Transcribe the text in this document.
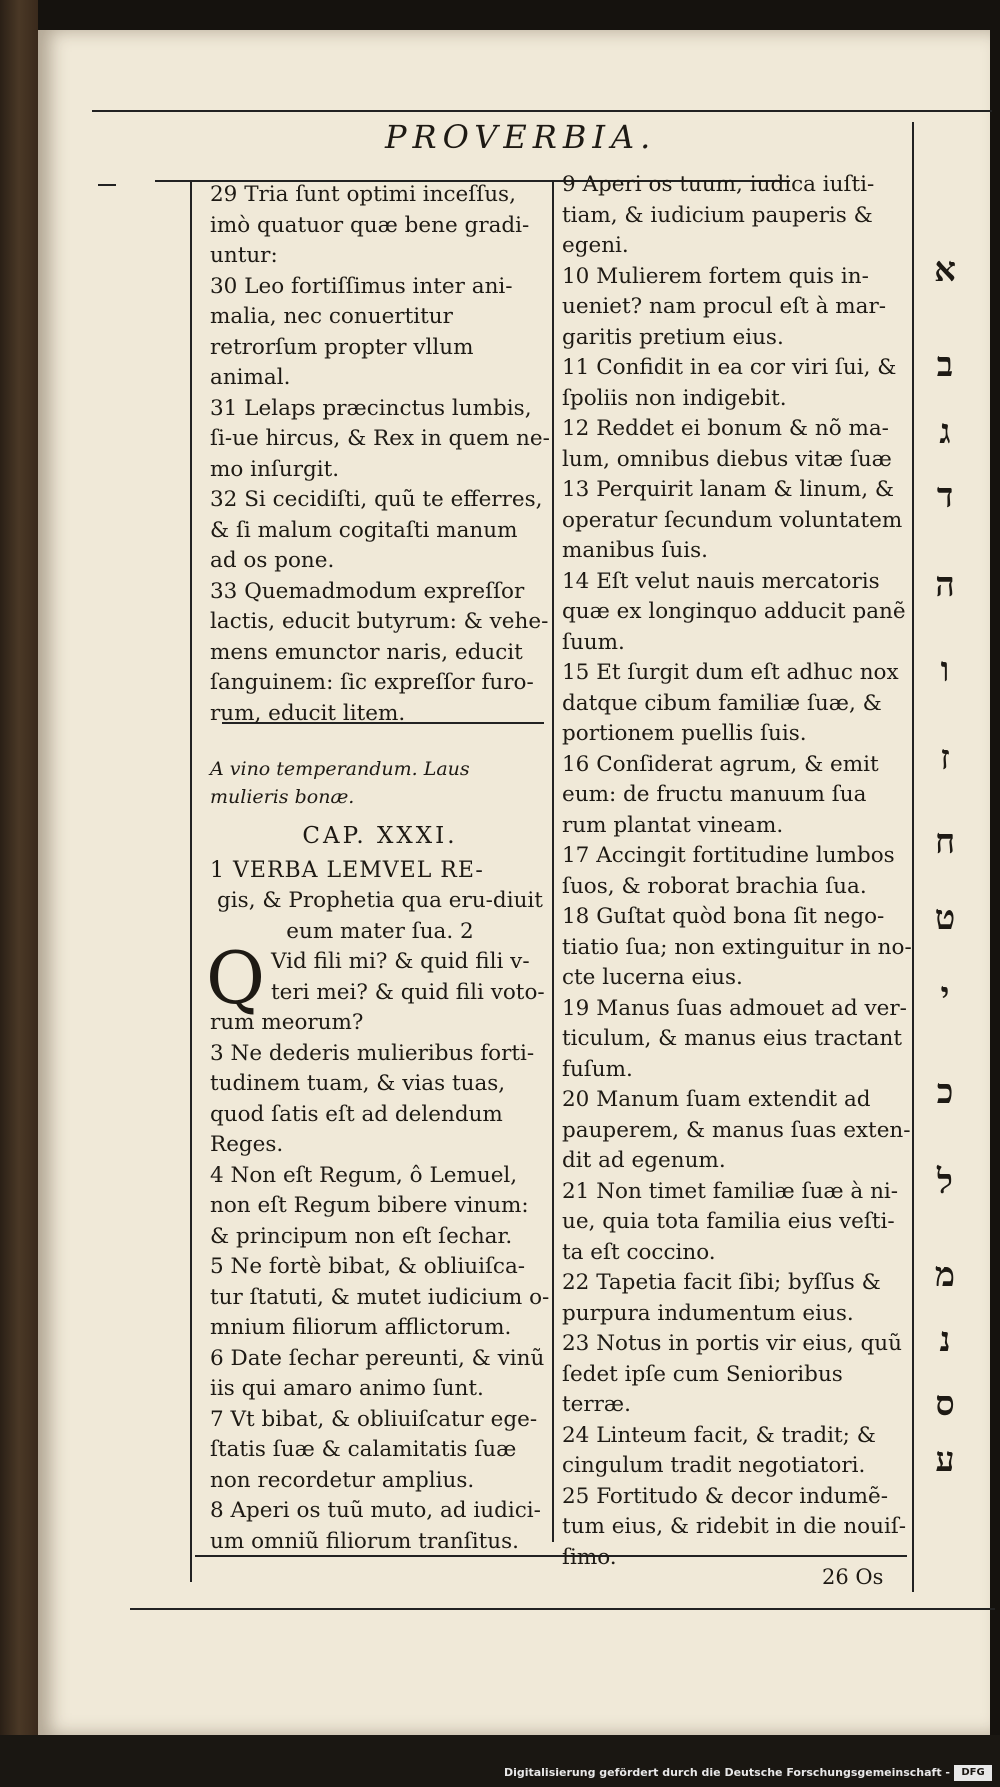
PROVERBIA.

29 Tria ſunt optimi inceſſus, imò quatuor quæ bene gradi-untur:

30 Leo fortiſſimus inter ani-malia, nec conuertitur retrorſum propter vllum animal.

31 Lelaps præcinctus lumbis, ſi-ue hircus, & Rex in quem ne-mo inſurgit.

32 Si cecidiſti, quũ te efferres, & ſi malum cogitaſti manum ad os pone.

33 Quemadmodum expreſſor lactis, educit butyrum: & vehe-mens emunctor naris, educit ſanguinem: ſic expreſſor furo-rum, educit litem.

A vino temperandum. Laus mulieris bonæ.

CAP. XXXI.

1 VERBA LEMVEL RE-

gis, & Prophetia qua eru-diuit eum mater ſua. 2

Q Vid fili mi? & quid fili v-teri mei? & quid fili voto-rum meorum?

3 Ne dederis mulieribus forti-tudinem tuam, & vias tuas, quod ſatis eſt ad delendum Reges.

4 Non eſt Regum, ô Lemuel, non eſt Regum bibere vinum: & principum non eſt ſechar.

5 Ne fortè bibat, & obliuiſca-tur ſtatuti, & mutet iudicium o-mnium filiorum afflictorum.

6 Date ſechar pereunti, & vinũ iis qui amaro animo ſunt.

7 Vt bibat, & obliuiſcatur ege-ſtatis ſuæ & calamitatis ſuæ non recordetur amplius.

8 Aperi os tuũ muto, ad iudici-um omniũ filiorum tranſitus.

9 Aperi os tuum, iudica iuſti-tiam, & iudicium pauperis & egeni.

10 Mulierem fortem quis in-ueniet? nam procul eſt à mar-garitis pretium eius.

11 Confidit in ea cor viri ſui, & ſpoliis non indigebit.

12 Reddet ei bonum & nõ ma-lum, omnibus diebus vitæ ſuæ

13 Perquirit lanam & linum, & operatur ſecundum voluntatem manibus ſuis.

14 Eſt velut nauis mercatoris quæ ex longinquo adducit panẽ ſuum.

15 Et ſurgit dum eſt adhuc nox datque cibum familiæ ſuæ, & portionem puellis ſuis.

16 Conſiderat agrum, & emit eum: de fructu manuum ſua rum plantat vineam.

17 Accingit fortitudine lumbos ſuos, & roborat brachia ſua.

18 Guſtat quòd bona ſit nego-tiatio ſua; non extinguitur in no-cte lucerna eius.

19 Manus ſuas admouet ad ver-ticulum, & manus eius tractant fuſum.

20 Manum ſuam extendit ad pauperem, & manus ſuas exten-dit ad egenum.

21 Non timet familiæ ſuæ à ni-ue, quia tota familia eius veſti-ta eſt coccino.

22 Tapetia facit ſibi; byſſus & purpura indumentum eius.

23 Notus in portis vir eius, quũ ſedet ipſe cum Senioribus terræ.

24 Linteum facit, & tradit; & cingulum tradit negotiatori.

25 Fortitudo & decor indumẽ-tum eius, & ridebit in die nouiſ-ſimo.

א
ב
ג
ד
ה
ו
ז
ח
ט
י
כ
ל
מ
נ
ס
ע
26 Os
Digitalisierung gefördert durch die Deutsche Forschungsgemeinschaft -	DFG
